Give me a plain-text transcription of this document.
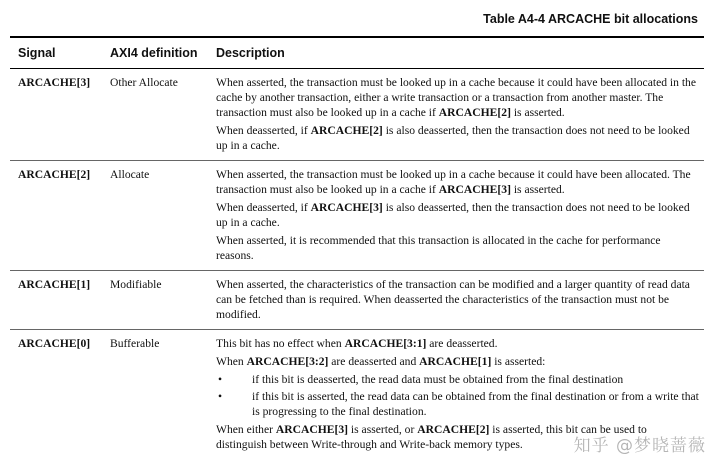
Table A4-4 ARCACHE bit allocations
Signal	AXI4 definition	Description
ARCACHE[3]	Other Allocate	When asserted, the transaction must be looked up in a cache because it could have been allocated in the cache by another transaction, either a write transaction or a transaction from another master. The transaction must also be looked up in a cache if ARCACHE[2] is asserted.
When deasserted, if ARCACHE[2] is also deasserted, then the transaction does not need to be looked up in a cache.
ARCACHE[2]	Allocate	When asserted, the transaction must be looked up in a cache because it could have been allocated. The transaction must also be looked up in a cache if ARCACHE[3] is asserted.
When deasserted, if ARCACHE[3] is also deasserted, then the transaction does not need to be looked up in a cache.
When asserted, it is recommended that this transaction is allocated in the cache for performance reasons.
ARCACHE[1]	Modifiable	When asserted, the characteristics of the transaction can be modified and a larger quantity of read data can be fetched than is required. When deasserted the characteristics of the transaction must not be modified.
ARCACHE[0]	Bufferable	This bit has no effect when ARCACHE[3:1] are deasserted.
When ARCACHE[3:2] are deasserted and ARCACHE[1] is asserted:
• if this bit is deasserted, the read data must be obtained from the final destination
• if this bit is asserted, the read data can be obtained from the final destination or from a write that is progressing to the final destination.
When either ARCACHE[3] is asserted, or ARCACHE[2] is asserted, this bit can be used to distinguish between Write-through and Write-back memory types.	知乎 @梦晓蔷薇
